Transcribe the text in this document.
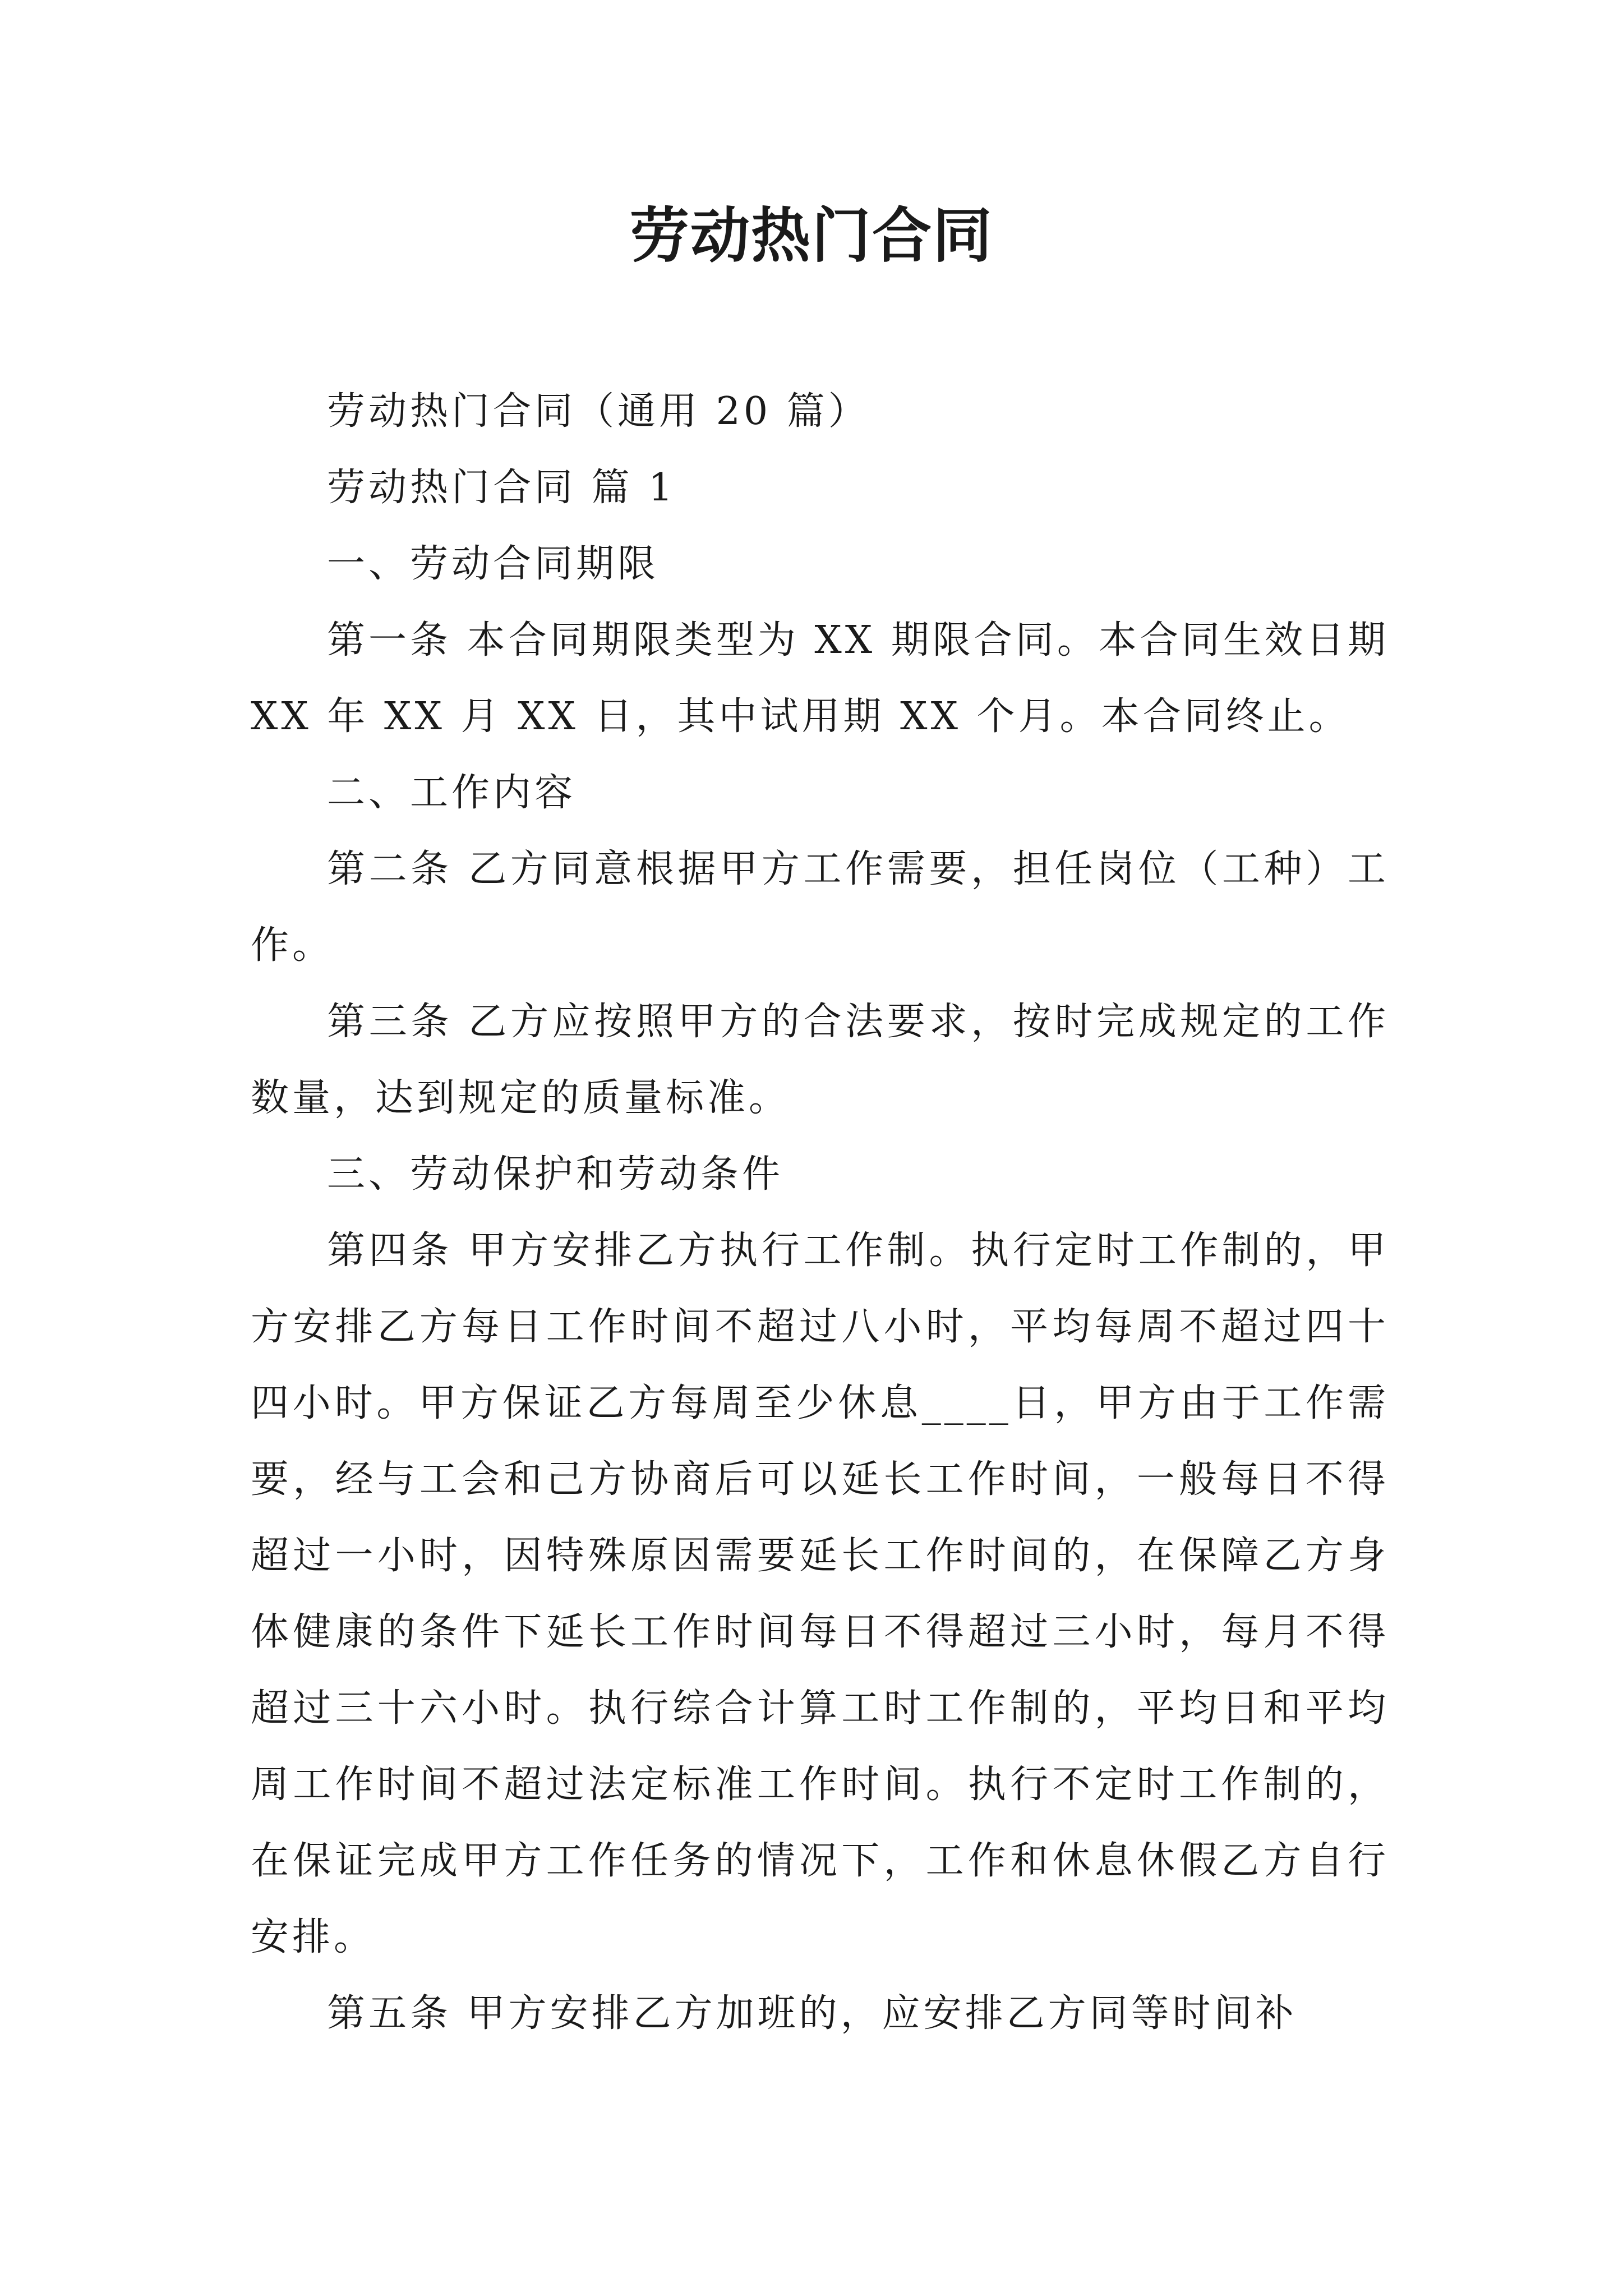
劳动热门合同

劳动热门合同（通用 20 篇）

劳动热门合同 篇 1

一、劳动合同期限

第一条 本合同期限类型为 XX 期限合同。本合同生效日期 XX 年 XX 月 XX 日，其中试用期 XX 个月。本合同终止。

二、工作内容

第二条 乙方同意根据甲方工作需要，担任岗位（工种）工作。

第三条 乙方应按照甲方的合法要求，按时完成规定的工作数量，达到规定的质量标准。

三、劳动保护和劳动条件

第四条 甲方安排乙方执行工作制。执行定时工作制的，甲方安排乙方每日工作时间不超过八小时，平均每周不超过四十四小时。甲方保证乙方每周至少休息____日，甲方由于工作需要，经与工会和己方协商后可以延长工作时间，一般每日不得超过一小时，因特殊原因需要延长工作时间的，在保障乙方身体健康的条件下延长工作时间每日不得超过三小时，每月不得超过三十六小时。执行综合计算工时工作制的，平均日和平均周工作时间不超过法定标准工作时间。执行不定时工作制的，在保证完成甲方工作任务的情况下，工作和休息休假乙方自行安排。

第五条 甲方安排乙方加班的，应安排乙方同等时间补
